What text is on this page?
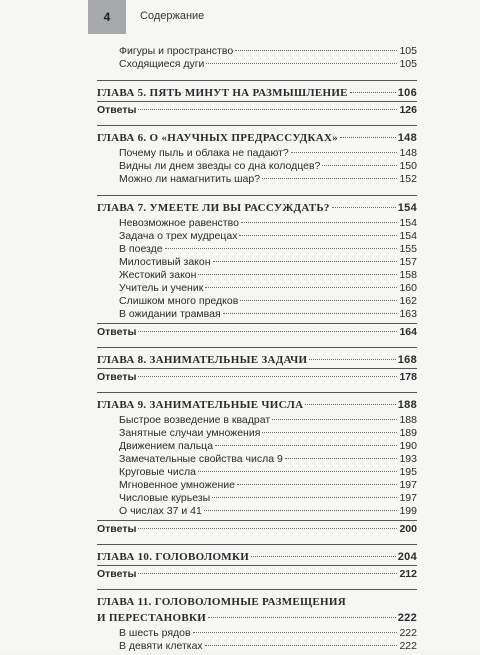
4	Содержание
Фигуры и пространство	105
Сходящиеся дуги	105
ГЛАВА 5. ПЯТЬ МИНУТ НА РАЗМЫШЛЕНИЕ	106
Ответы	126
ГЛАВА 6. О «НАУЧНЫХ ПРЕДРАССУДКАХ»	148
Почему пыль и облака не падают?	148
Видны ли днем звезды со дна колодцев?	150
Можно ли намагнитить шар?	152
ГЛАВА 7. УМЕЕТЕ ЛИ ВЫ РАССУЖДАТЬ?	154
Невозможное равенство	154
Задача о трех мудрецах	154
В поезде	155
Милостивый закон	157
Жестокий закон	158
Учитель и ученик	160
Слишком много предков	162
В ожидании трамвая	163
Ответы	164
ГЛАВА 8. ЗАНИМАТЕЛЬНЫЕ ЗАДАЧИ	168
Ответы	178
ГЛАВА 9. ЗАНИМАТЕЛЬНЫЕ ЧИСЛА	188
Быстрое возведение в квадрат	188
Занятные случаи умножения	189
Движением пальца	190
Замечательные свойства числа 9	193
Круговые числа	195
Мгновенное умножение	197
Числовые курьезы	197
О числах 37 и 41	199
Ответы	200
ГЛАВА 10. ГОЛОВОЛОМКИ	204
Ответы	212
ГЛАВА 11. ГОЛОВОЛОМНЫЕ РАЗМЕЩЕНИЯ
И ПЕРЕСТАНОВКИ	222
В шесть рядов	222
В девяти клетках	222
